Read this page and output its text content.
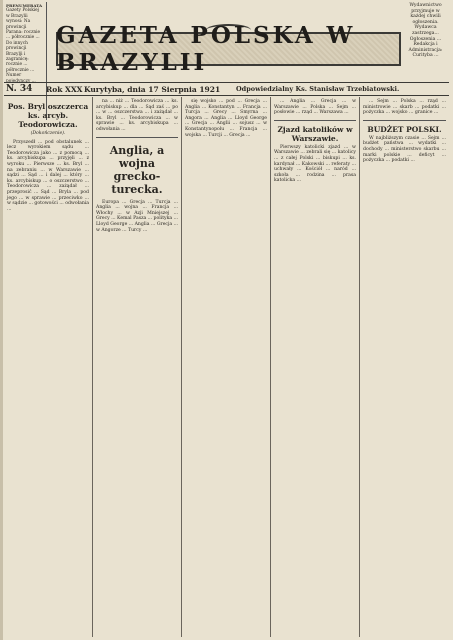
PRENUMERATA
Gazety Polskiej w Brazylii wynosi: Na prowincji Parana: rocznie ... półrocznie ... Do innych prowincji Brazylji i zagranicę: rocznie ... półrocznie ... Numer pojedynczy ...
GAZETA POLSKA W BRAZYLII
Wydawnictwo przyjmuje w każdej chwili ogłoszenia. Wydawca zastrzega... Ogłoszenia ... Redakcja i Administracja: Curityba ...
N. 34	Rok XXX Kurytyba, dnia 17 Sierpnia 1921	Odpowiedzialny Ks. Stanisław Trzebiatowski.
Pos. Bryl oszczerca ks. arcyb. Teodorowicza.
(Dokończenie).

Przyszedł ... pod obstalunek ... lecz wyrokiem sądu ... Teodorowicza jako ... z pomocą ... ks. arcybiskupa ... przyjęli ... z wyroku ... Pierwsze ... ks. Bryl ... na zebraniu ... w Warszawie ... sądzi ... Sąd ... i dalej ... który ... ks. arcybiskup ... o oszczerstwo ... Teodorowicza ... zażądał ... przeprosić ... Sąd ... Bryla ... pod jego ... w sprawie ... przeciwko ... w sądzie ... gotowości ... odwołania ...

na ... niż ... Teodorowicza ... ks. arcybiskup ... dla ... Sąd zaś ... po ... w ... oszczerstwa ... i zażądał ... ks. Bryl ... Teodorowicza ... w sprawie ... ks. arcybiskupa ... odwołania ...

Anglia, a wojna grecko-turecka.

Europa ... Grecja ... Turcja ... Anglia ... wojna ... Francja ... Włochy ... w Azji Mniejszej ... Grecy ... Kemal Pasza ... polityka ... Lloyd George ... Anglia ... Grecja ... w Angorze ... Turcy ...

się wojsko ... pod ... Grecja ... Anglia ... Konstantyn ... Francja ... Turcja ... Grecy ... Smyrna ... Angora ... Anglia ... Lloyd George ... Grecja ... Anglii ... sojusz ... w Konstantynopolu ... Francja ... wojska ... Turcji ... Grecja ...

... Anglia ... Grecja ... w Warszawie ... Polska ... Sejm ... posłowie ... rząd ... Warszawa ...

Zjazd katolików w Warszawie.

Pierwszy katolicki zjazd ... w Warszawie ... zebrali się ... katolicy ... z całej Polski ... biskupi ... ks. kardynał ... Kakowski ... referaty ... uchwały ... Kościół ... naród ... szkoła ... rodzina ... prasa katolicka ...

... Sejm ... Polska ... rząd ... ministrowie ... skarb ... podatki ... pożyczka ... wojsko ... granice ...

BUDŻET POLSKI.

W najbliższym czasie ... Sejm ... budżet państwa ... wydatki ... dochody ... ministerstwo skarbu ... marki polskie ... deficyt ... pożyczka ... podatki ...
